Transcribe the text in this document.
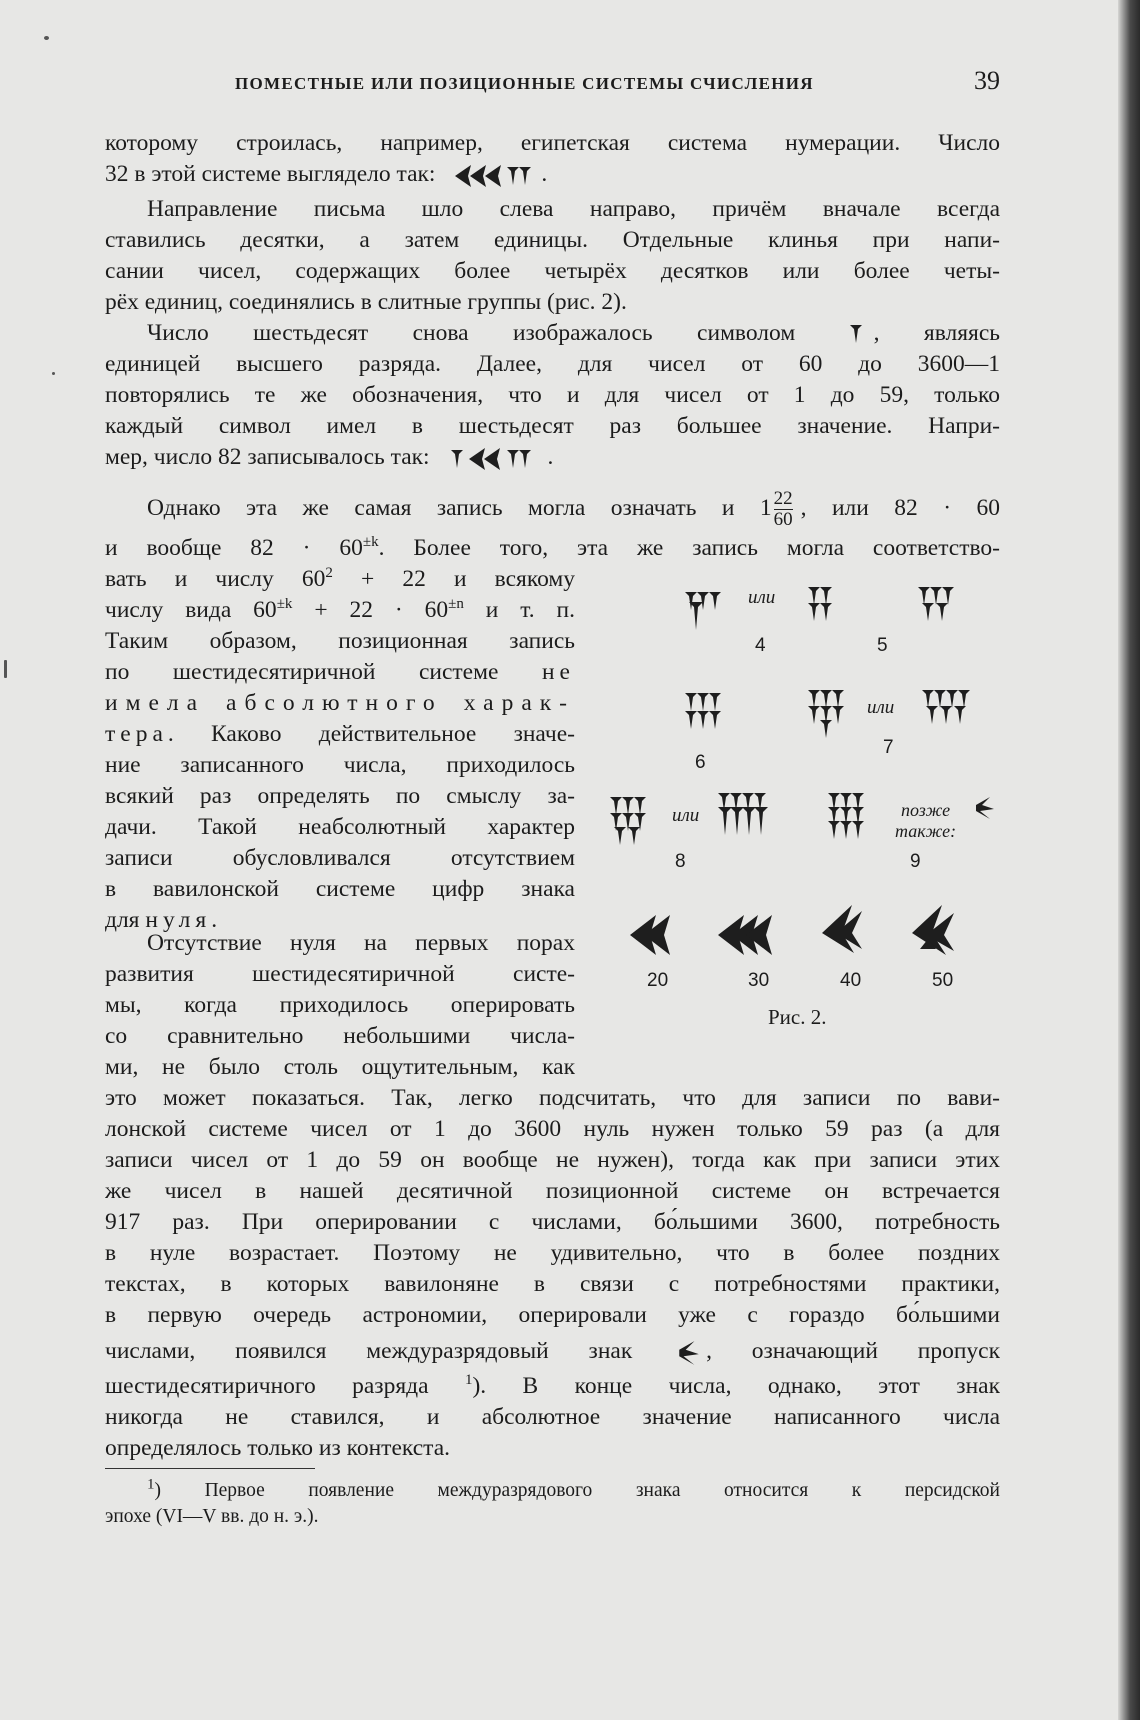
ПОМЕСТНЫЕ ИЛИ ПОЗИЦИОННЫЕ СИСТЕМЫ СЧИСЛЕНИЯ	39
которому строилась, например, египетская система нумерации. Число
32 в этой системе выглядело так:	.
Направление письма шло слева направо, причём вначале всегда
ставились десятки, а затем единицы. Отдельные клинья при напи-
сании чисел, содержащих более четырёх десятков или более четы-
рёх единиц, соединялись в слитные группы (рис. 2).
Число шестьдесят снова изображалось символом	, являясь
единицей высшего разряда. Далее, для чисел от 60 до 3600—1
повторялись те же обозначения, что и для чисел от 1 до 59, только
каждый символ имел в шестьдесят раз большее значение. Напри-
мер, число 82 записывалось так:	.
Однако эта же самая запись могла означать и $1 \frac{22}{60}$ , или 82 · 60
и вообще $82 \cdot 60^{\pm k}$. Более того, эта же запись могла соответство-
вать и числу $60^2 + 22$ и всякому
числу вида $60^{\pm k} + 22 \cdot 60^{\pm n}$ и т. п.
Таким образом, позиционная запись
по шестидесятиричной системе не
имела абсолютного харак-
тера. Каково действительное значе-
ние записанного числа, приходилось
всякий раз определять по смыслу за-
дачи. Такой неабсолютный характер
записи обусловливался отсутствием
в вавилонской системе цифр знака
для нуля.
Отсутствие нуля на первых порах
развития шестидесятиричной систе-
мы, когда приходилось оперировать
со сравнительно небольшими числа-
ми, не было столь ощутительным, как
это может показаться. Так, легко подсчитать, что для записи по вави-
лонской системе чисел от 1 до 3600 нуль нужен только 59 раз (а для
записи чисел от 1 до 59 он вообще не нужен), тогда как при записи этих
же чисел в нашей десятичной позиционной системе он встречается
917 раз. При оперировании с числами, бо́льшими 3600, потребность
в нуле возрастает. Поэтому не удивительно, что в более поздних
текстах, в которых вавилоняне в связи с потребностями практики,
в первую очередь астрономии, оперировали уже с гораздо бо́льшими
числами, появился междуразрядовый знак	, означающий пропуск
шестидесятиричного разряда $^1$). В конце числа, однако, этот знак
никогда не ставился, и абсолютное значение написанного числа
определялось только из контекста.
или
или
или	позже
также:
4	5
6
7
8	9
20	30	40	50
Рис. 2.
$^1$) Первое появление междуразрядового знака относится к персидской
эпохе (VI—V вв. до н. э.).
